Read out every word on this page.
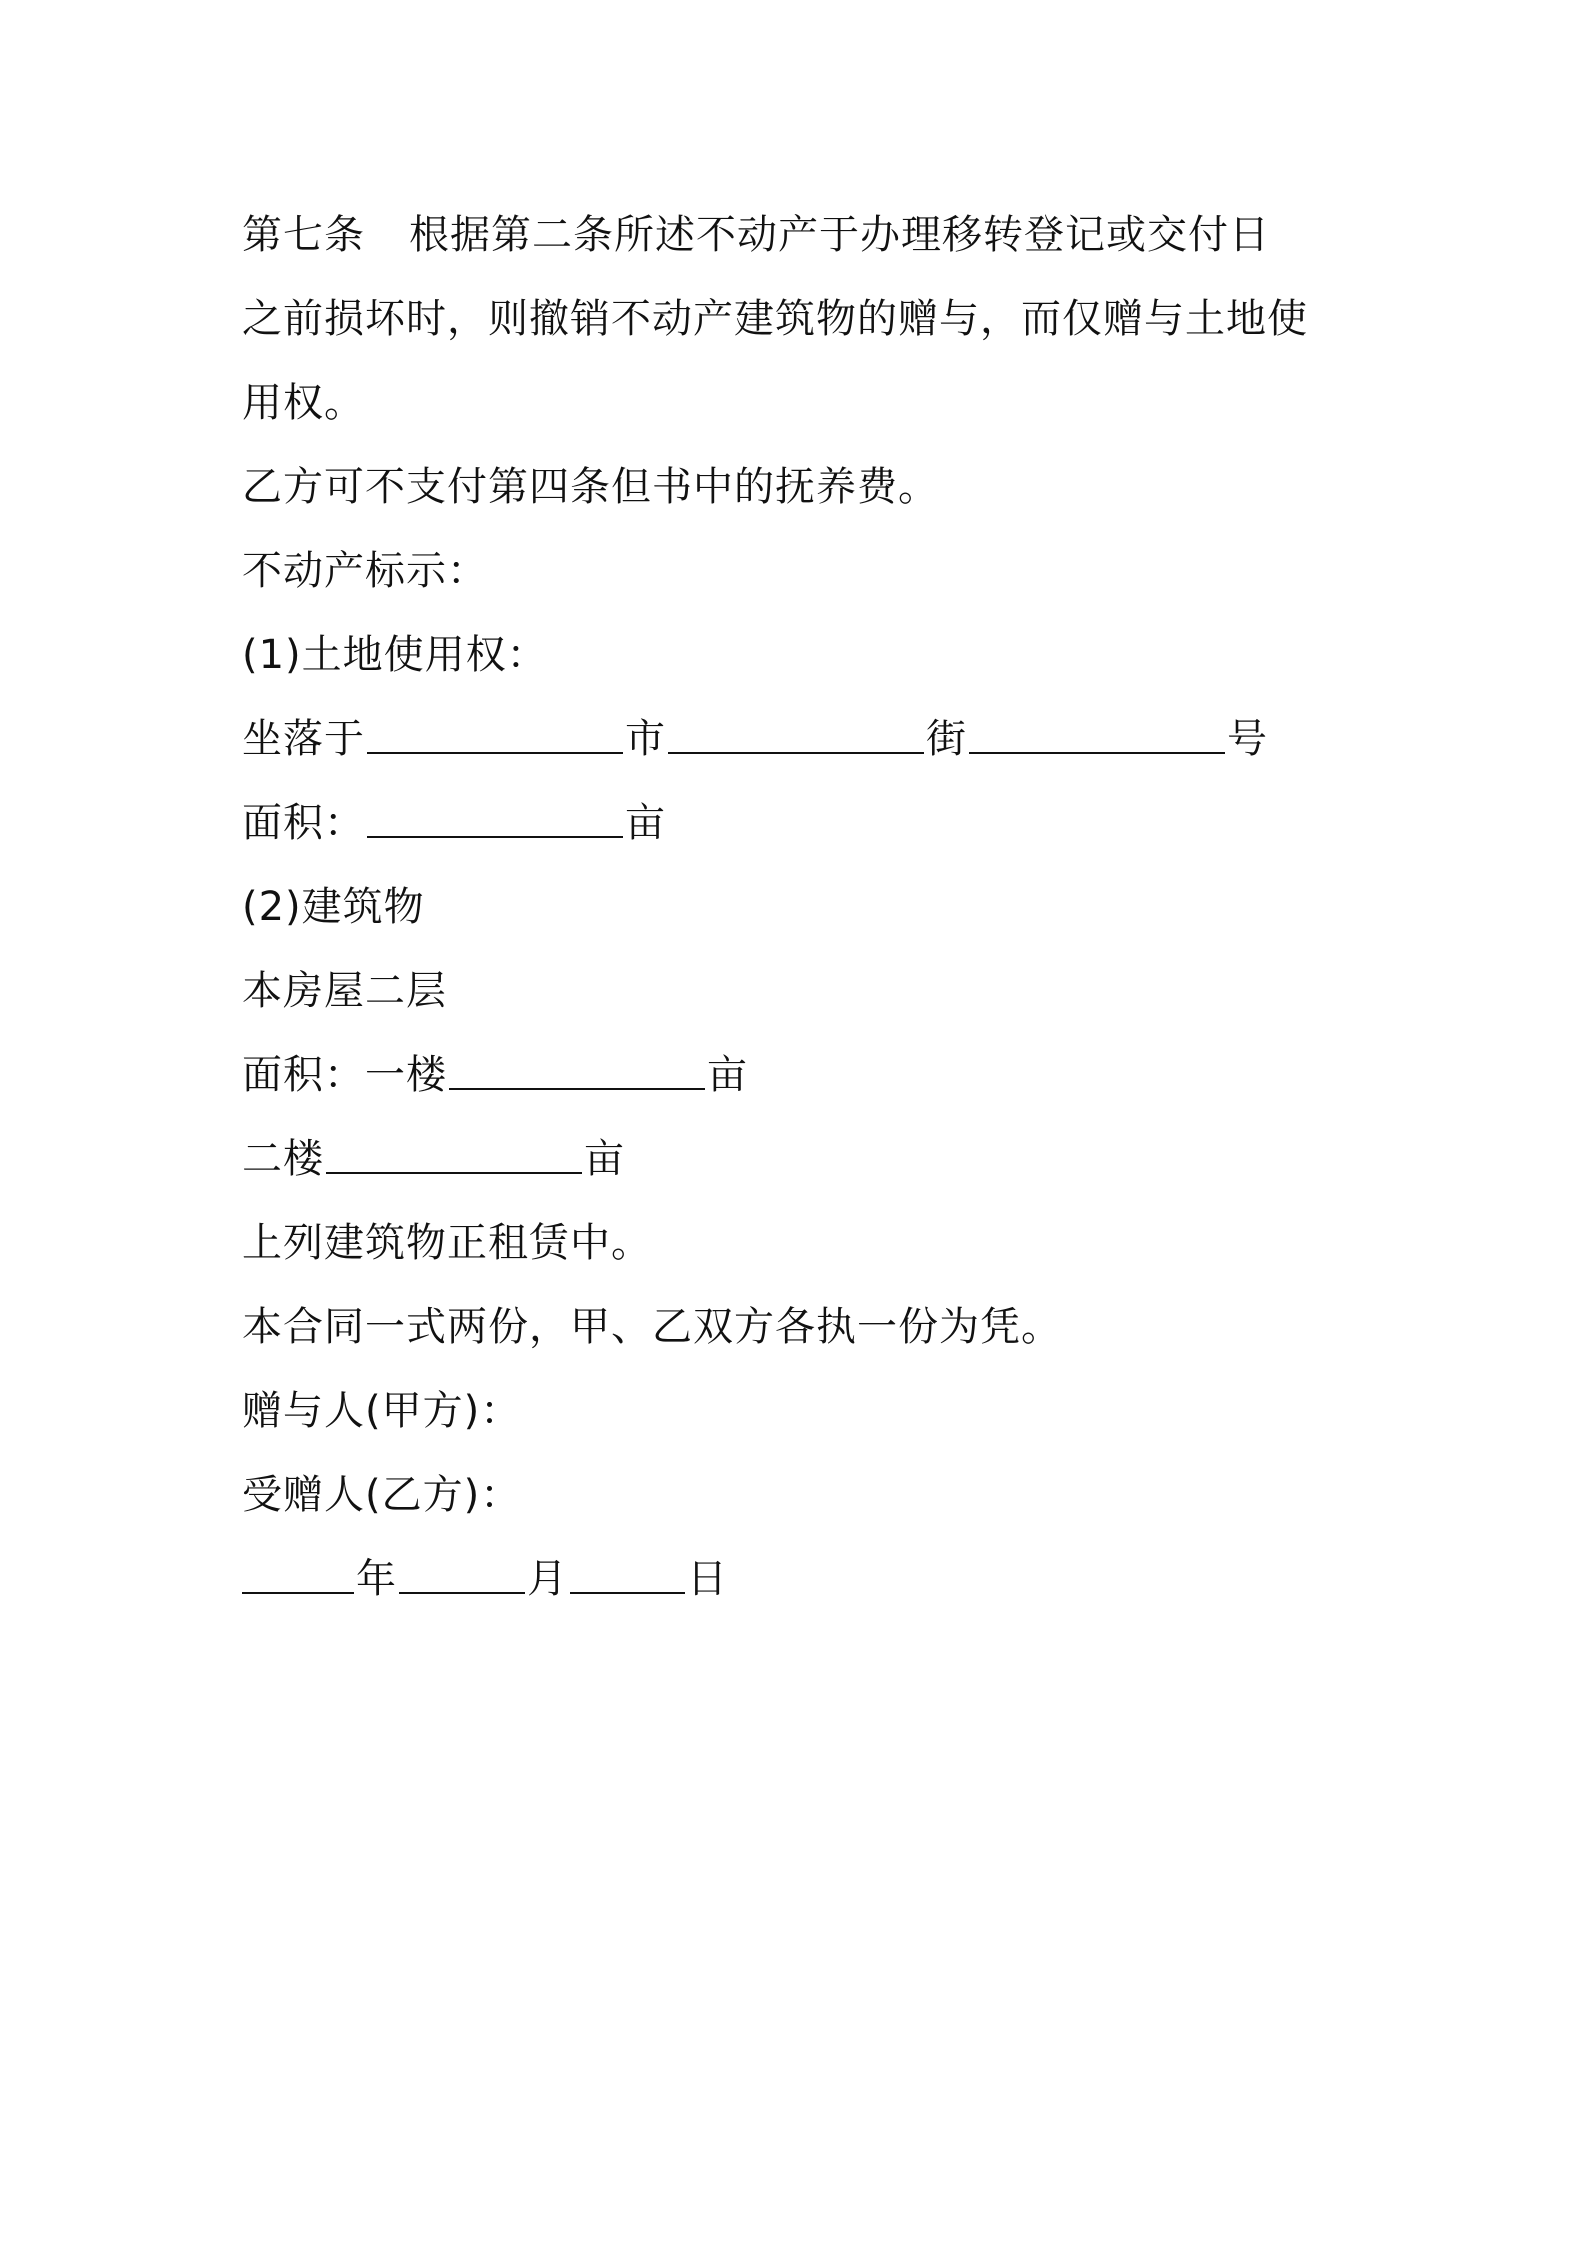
第七条 根据第二条所述不动产于办理移转登记或交付日
之前损坏时，则撤销不动产建筑物的赠与，而仅赠与土地使
用权。
乙方可不支付第四条但书中的抚养费。
不动产标示：
(1)土地使用权：
坐落于	市	街	号
面积：	亩
(2)建筑物
本房屋二层
面积：一楼	亩
二楼	亩
上列建筑物正租赁中。
本合同一式两份，甲、乙双方各执一份为凭。
赠与人(甲方)：
受赠人(乙方)：
年	月	日
